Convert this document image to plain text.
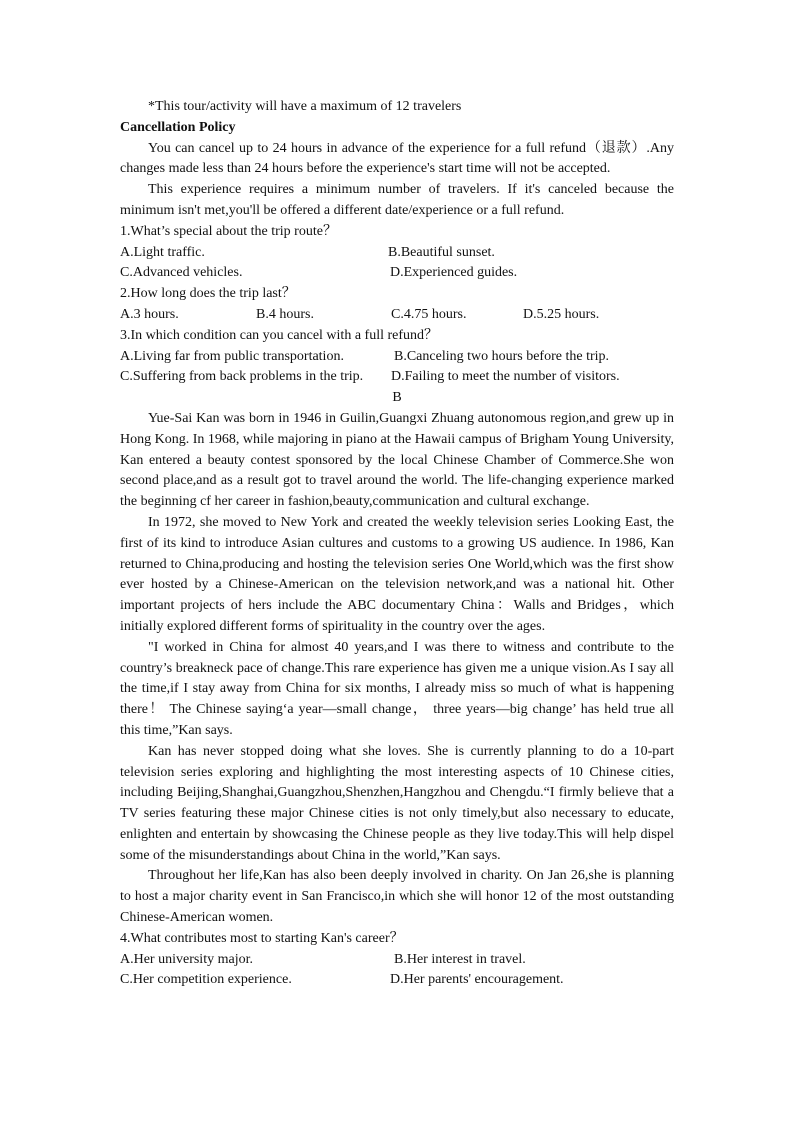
*This tour/activity will have a maximum of 12 travelers

Cancellation Policy

You can cancel up to 24 hours in advance of the experience for a full refund（退款）.Any changes made less than 24 hours before the experience's start time will not be accepted.

This experience requires a minimum number of travelers. If it's canceled because the minimum isn't met,you'll be offered a different date/experience or a full refund.

1.What’s special about the trip route？

A.Light traffic.	B.Beautiful sunset.
C.Advanced vehicles.	D.Experienced guides.

2.How long does the trip last？

A.3 hours.	B.4 hours.	C.4.75 hours.	D.5.25 hours.

3.In which condition can you cancel with a full refund？

A.Living far from public transportation.	B.Canceling two hours before the trip.
C.Suffering from back problems in the trip. D.Failing to meet the number of visitors.
B

Yue-Sai Kan was born in 1946 in Guilin,Guangxi Zhuang autonomous region,and grew up in Hong Kong. In 1968, while majoring in piano at the Hawaii campus of Brigham Young University, Kan entered a beauty contest sponsored by the local Chinese Chamber of Commerce.She won second place,and as a result got to travel around the world. The life-changing experience marked the beginning cf her career in fashion,beauty,communication and cultural exchange.

In 1972, she moved to New York and created the weekly television series Looking East, the first of its kind to introduce Asian cultures and customs to a growing US audience. In 1986, Kan returned to China,producing and hosting the television series One World,which was the first show ever hosted by a Chinese-American on the television network,and was a national hit. Other important projects of hers include the ABC documentary China：Walls and Bridges，which initially explored different forms of spirituality in the country over the ages.

"I worked in China for almost 40 years,and I was there to witness and contribute to the country’s breakneck pace of change.This rare experience has given me a unique vision.As I say all the time,if I stay away from China for six months, I already miss so much of what is happening there！ The Chinese saying‘a year—small change， three years—big change’ has held true all this time,”Kan says.

Kan has never stopped doing what she loves. She is currently planning to do a 10-part television series exploring and highlighting the most interesting aspects of 10 Chinese cities, including Beijing,Shanghai,Guangzhou,Shenzhen,Hangzhou and Chengdu.“I firmly believe that a TV series featuring these major Chinese cities is not only timely,but also necessary to educate, enlighten and entertain by showcasing the Chinese people as they live today.This will help dispel some of the misunderstandings about China in the world,”Kan says.

Throughout her life,Kan has also been deeply involved in charity. On Jan 26,she is planning to host a major charity event in San Francisco,in which she will honor 12 of the most outstanding Chinese-American women.

4.What contributes most to starting Kan's career？

A.Her university major.	B.Her interest in travel.
C.Her competition experience.	D.Her parents' encouragement.
